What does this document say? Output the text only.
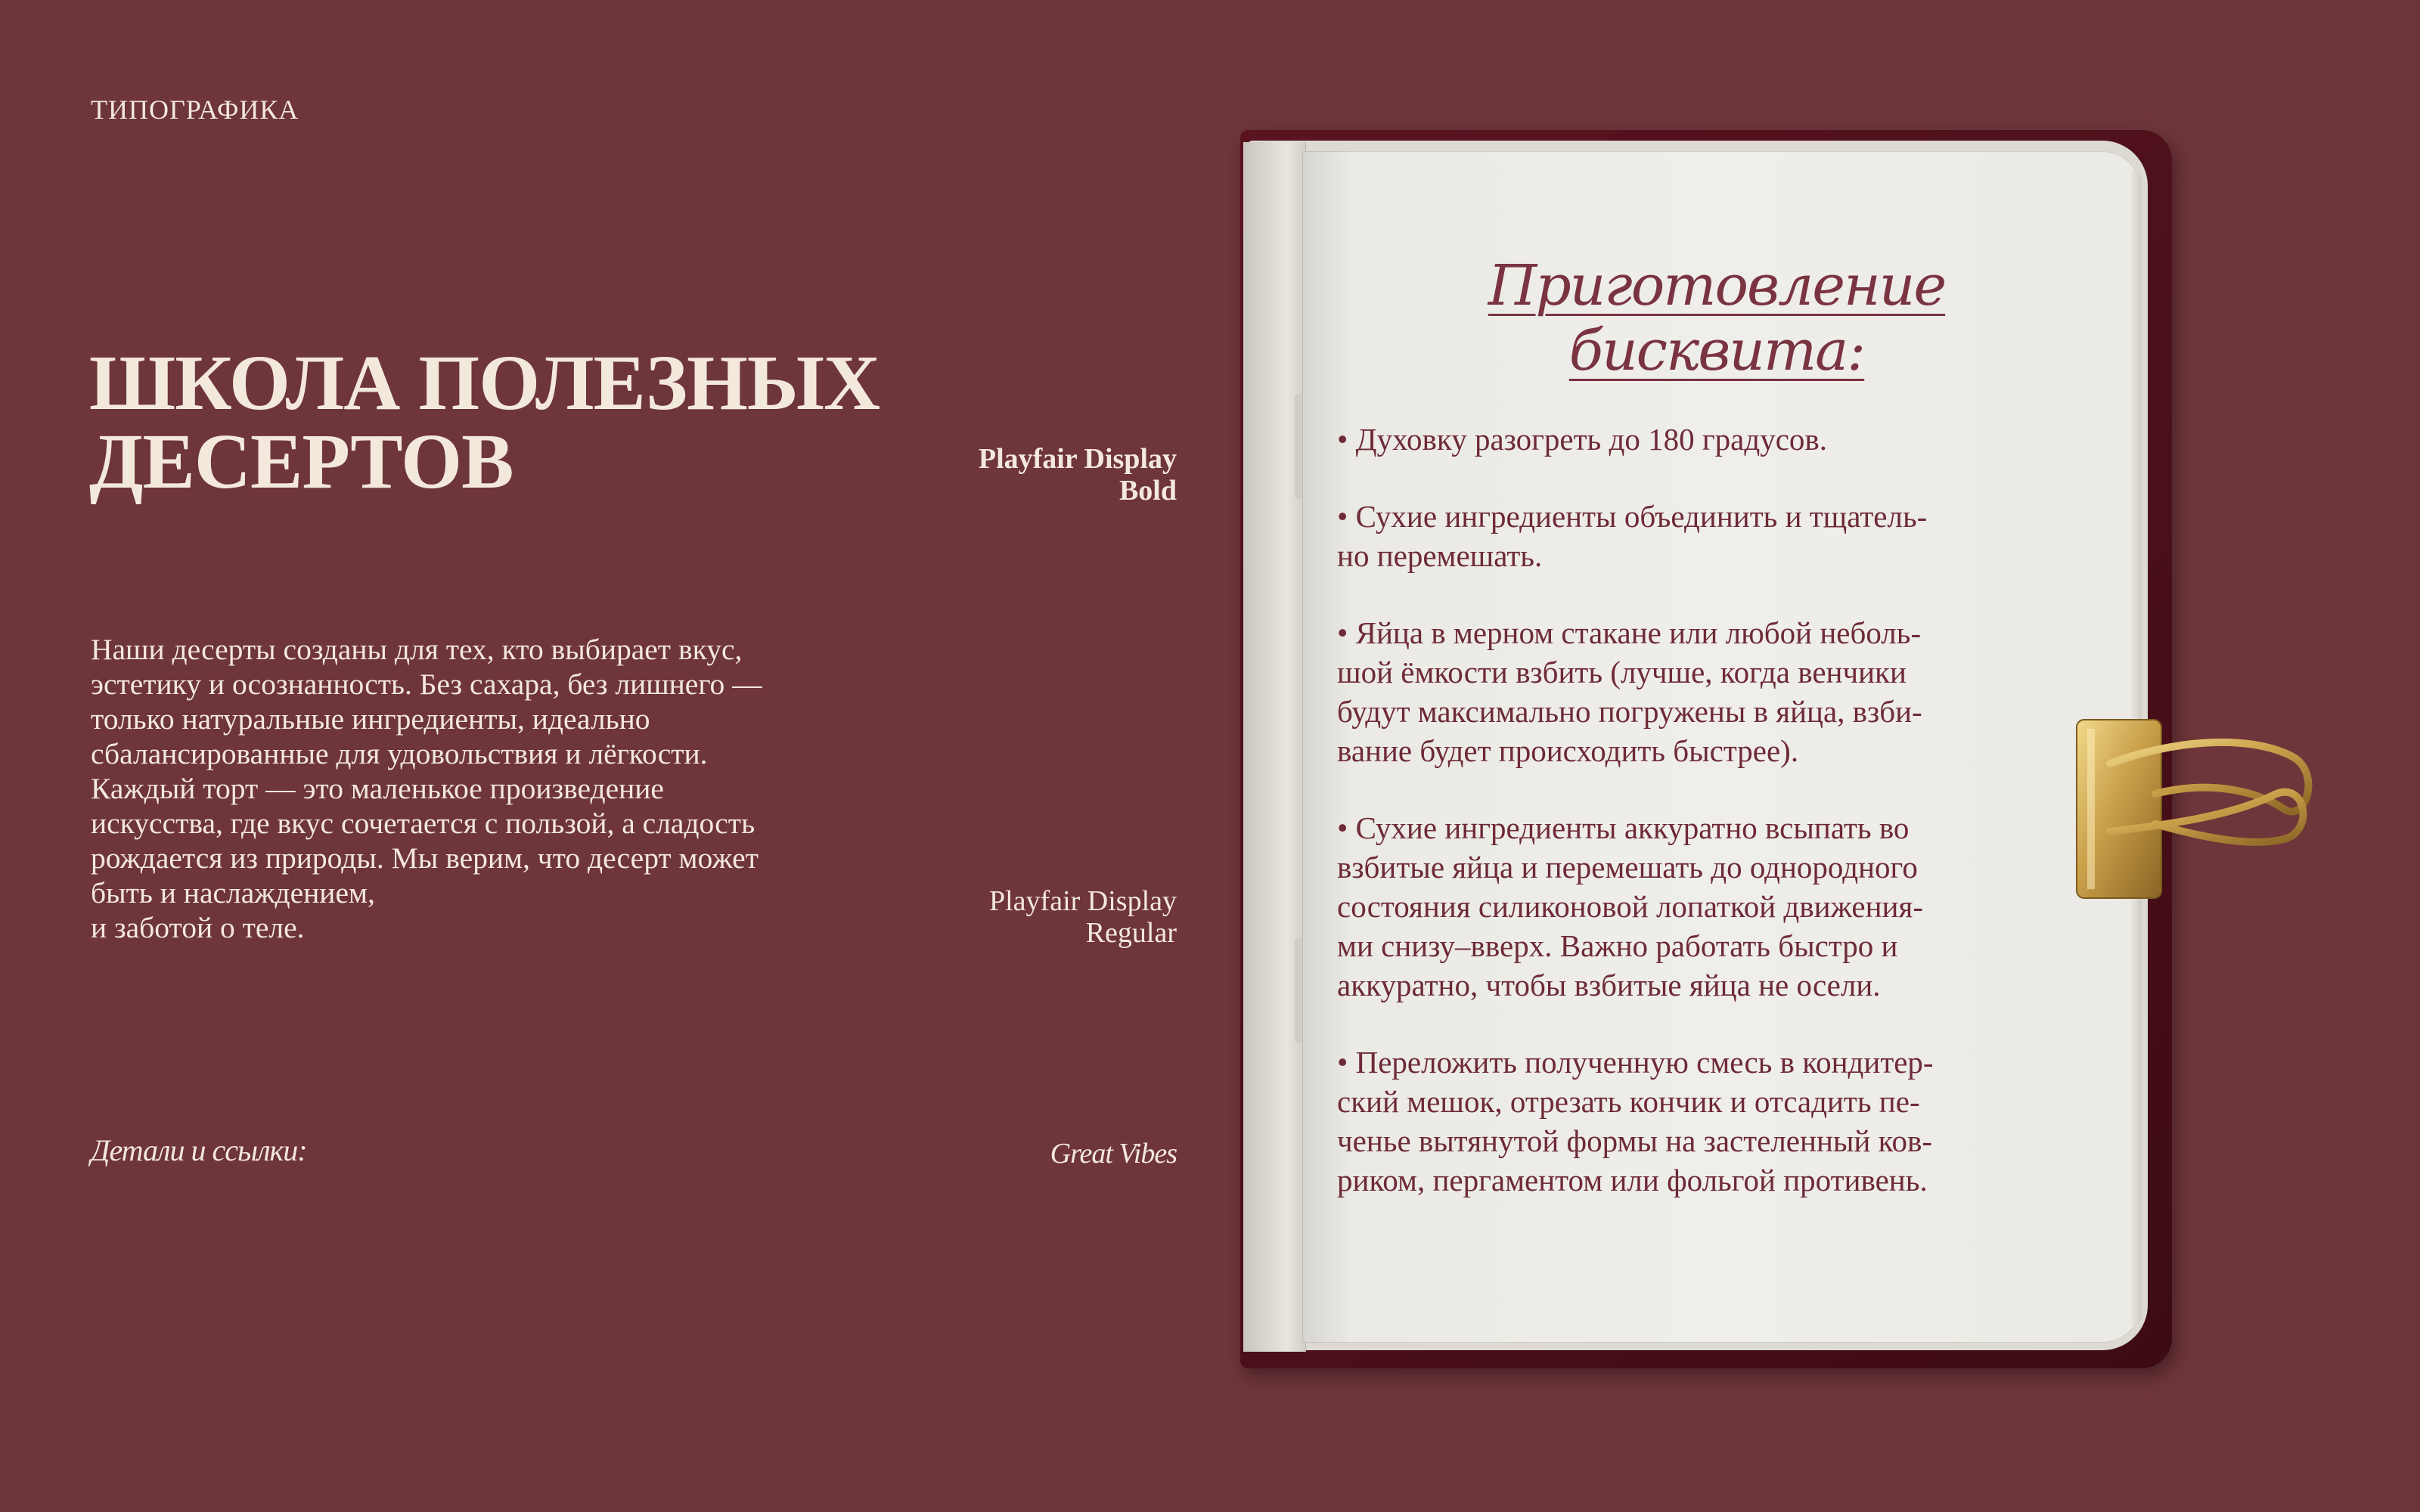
ТИПОГРАФИКА
ШКОЛА ПОЛЕЗНЫХ
ДЕСЕРТОВ	Playfair Display
Bold
Наши десерты созданы для тех, кто выбирает вкус,
эстетику и осознанность. Без сахара, без лишнего —
только натуральные ингредиенты, идеально
сбалансированные для удовольствия и лёгкости.
Каждый торт — это маленькое произведение
искусства, где вкус сочетается с пользой, а сладость
рождается из природы. Мы верим, что десерт может
быть и наслаждением,
и заботой о теле.
Playfair Display
Regular
Детали и ссылки:	Great Vibes
Приготовление бисквита:
• Духовку разогреть до 180 градусов.
• Сухие ингредиенты объединить и тщатель-
но перемешать.
• Яйца в мерном стакане или любой неболь-
шой ёмкости взбить (лучше, когда венчики
будут максимально погружены в яйца, взби-
вание будет происходить быстрее).
• Сухие ингредиенты аккуратно всыпать во
взбитые яйца и перемешать до однородного
состояния силиконовой лопаткой движения-
ми снизу–вверх. Важно работать быстро и
аккуратно, чтобы взбитые яйца не осели.
• Переложить полученную смесь в кондитер-
ский мешок, отрезать кончик и отсадить пе-
ченье вытянутой формы на застеленный ков-
риком, пергаментом или фольгой противень.
